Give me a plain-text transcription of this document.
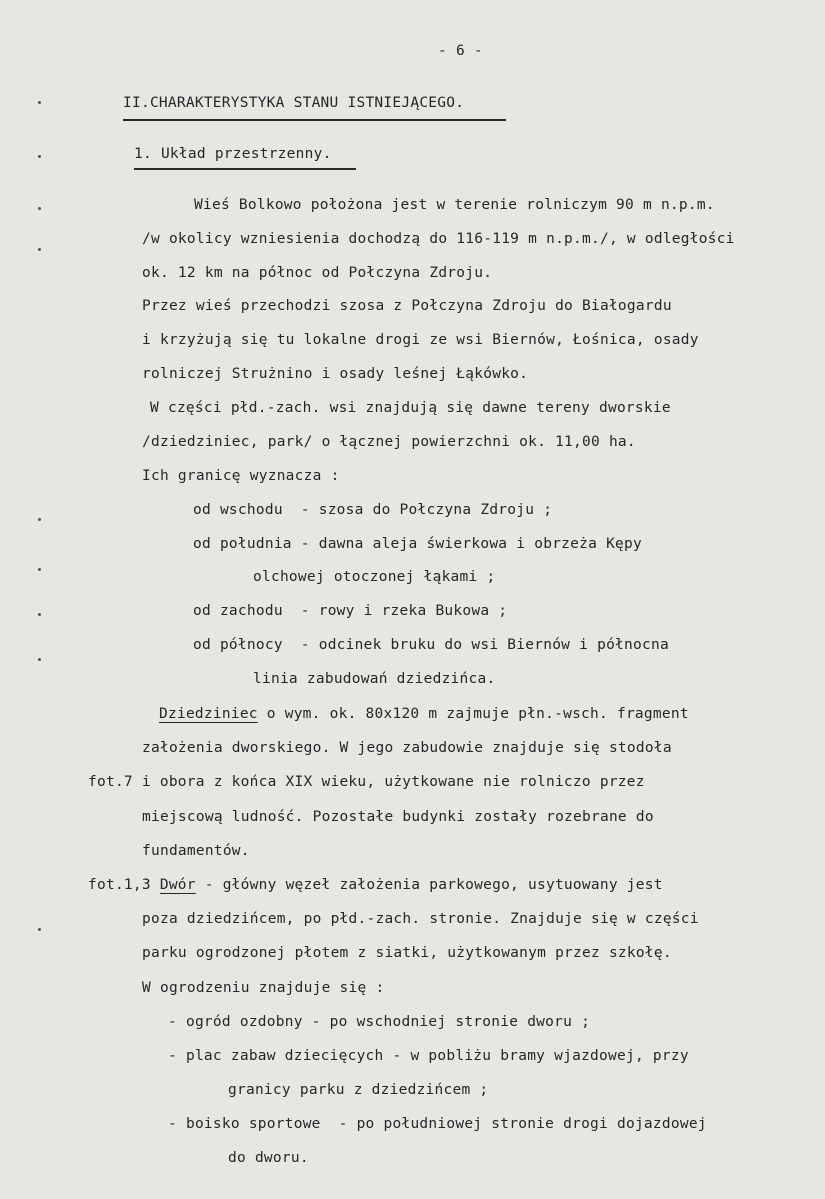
- 6 -
II.CHARAKTERYSTYKA STANU ISTNIEJĄCEGO.
1. Układ przestrzenny.
Wieś Bolkowo położona jest w terenie rolniczym 90 m n.p.m.
/w okolicy wzniesienia dochodzą do 116-119 m n.p.m./, w odległości
ok. 12 km na północ od Połczyna Zdroju.
Przez wieś przechodzi szosa z Połczyna Zdroju do Białogardu
i krzyżują się tu lokalne drogi ze wsi Biernów, Łośnica, osady
rolniczej Strużnino i osady leśnej Łąkówko.
W części płd.-zach. wsi znajdują się dawne tereny dworskie
/dziedziniec, park/ o łącznej powierzchni ok. 11,00 ha.
Ich granicę wyznacza :
od wschodu  - szosa do Połczyna Zdroju ;
od południa - dawna aleja świerkowa i obrzeża Kępy
olchowej otoczonej łąkami ;
od zachodu  - rowy i rzeka Bukowa ;
od północy  - odcinek bruku do wsi Biernów i północna
linia zabudowań dziedzińca.
Dziedziniec o wym. ok. 80x120 m zajmuje płn.-wsch. fragment
założenia dworskiego. W jego zabudowie znajduje się stodoła
fot.7 i obora z końca XIX wieku, użytkowane nie rolniczo przez
miejscową ludność. Pozostałe budynki zostały rozebrane do
fundamentów.
fot.1,3 Dwór - główny węzeł założenia parkowego, usytuowany jest
poza dziedzińcem, po płd.-zach. stronie. Znajduje się w części
parku ogrodzonej płotem z siatki, użytkowanym przez szkołę.
W ogrodzeniu znajduje się :
- ogród ozdobny - po wschodniej stronie dworu ;
- plac zabaw dziecięcych - w pobliżu bramy wjazdowej, przy
granicy parku z dziedzińcem ;
- boisko sportowe  - po południowej stronie drogi dojazdowej
do dworu.
